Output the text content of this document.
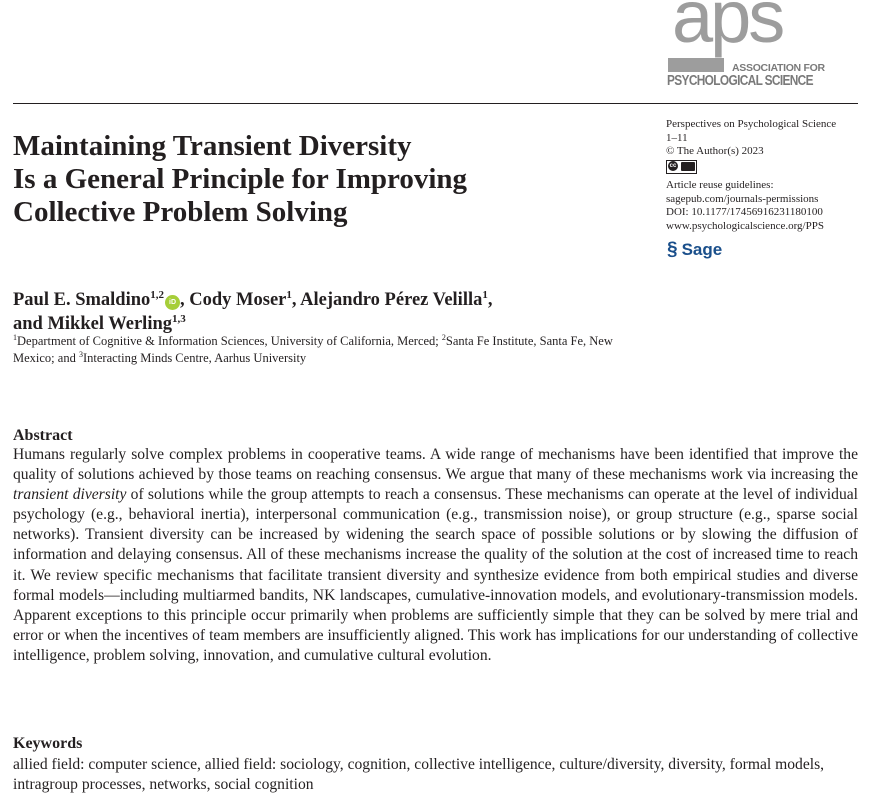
aps
ASSOCIATION FOR
PSYCHOLOGICAL SCIENCE
Maintaining Transient Diversity
Is a General Principle for Improving
Collective Problem Solving
Perspectives on Psychological Science
1–11
© The Author(s) 2023
cc
Article reuse guidelines:
sagepub.com/journals-permissions
DOI: 10.1177/17456916231180100
www.psychologicalscience.org/PPS
§ Sage
Paul E. Smaldino$^{1,2}$iD , Cody Moser$^1$, Alejandro Pérez Velilla$^1$,
and Mikkel Werling$^{1,3}$
$^1$Department of Cognitive & Information Sciences, University of California, Merced; $^2$Santa Fe Institute, Santa Fe, New Mexico; and $^3$Interacting Minds Centre, Aarhus University
Abstract
Humans regularly solve complex problems in cooperative teams. A wide range of mechanisms have been identified that improve the quality of solutions achieved by those teams on reaching consensus. We argue that many of these mechanisms work via increasing the transient diversity of solutions while the group attempts to reach a consensus. These mechanisms can operate at the level of individual psychology (e.g., behavioral inertia), interpersonal communication (e.g., transmission noise), or group structure (e.g., sparse social networks). Transient diversity can be increased by widening the search space of possible solutions or by slowing the diffusion of information and delaying consensus. All of these mechanisms increase the quality of the solution at the cost of increased time to reach it. We review specific mechanisms that facilitate transient diversity and synthesize evidence from both empirical studies and diverse formal models—including multiarmed bandits, NK landscapes, cumulative-innovation models, and evolutionary-transmission models. Apparent exceptions to this principle occur primarily when problems are sufficiently simple that they can be solved by mere trial and error or when the incentives of team members are insufficiently aligned. This work has implications for our understanding of collective intelligence, problem solving, innovation, and cumulative cultural evolution.
Keywords
allied field: computer science, allied field: sociology, cognition, collective intelligence, culture/diversity, diversity, formal models, intragroup processes, networks, social cognition
